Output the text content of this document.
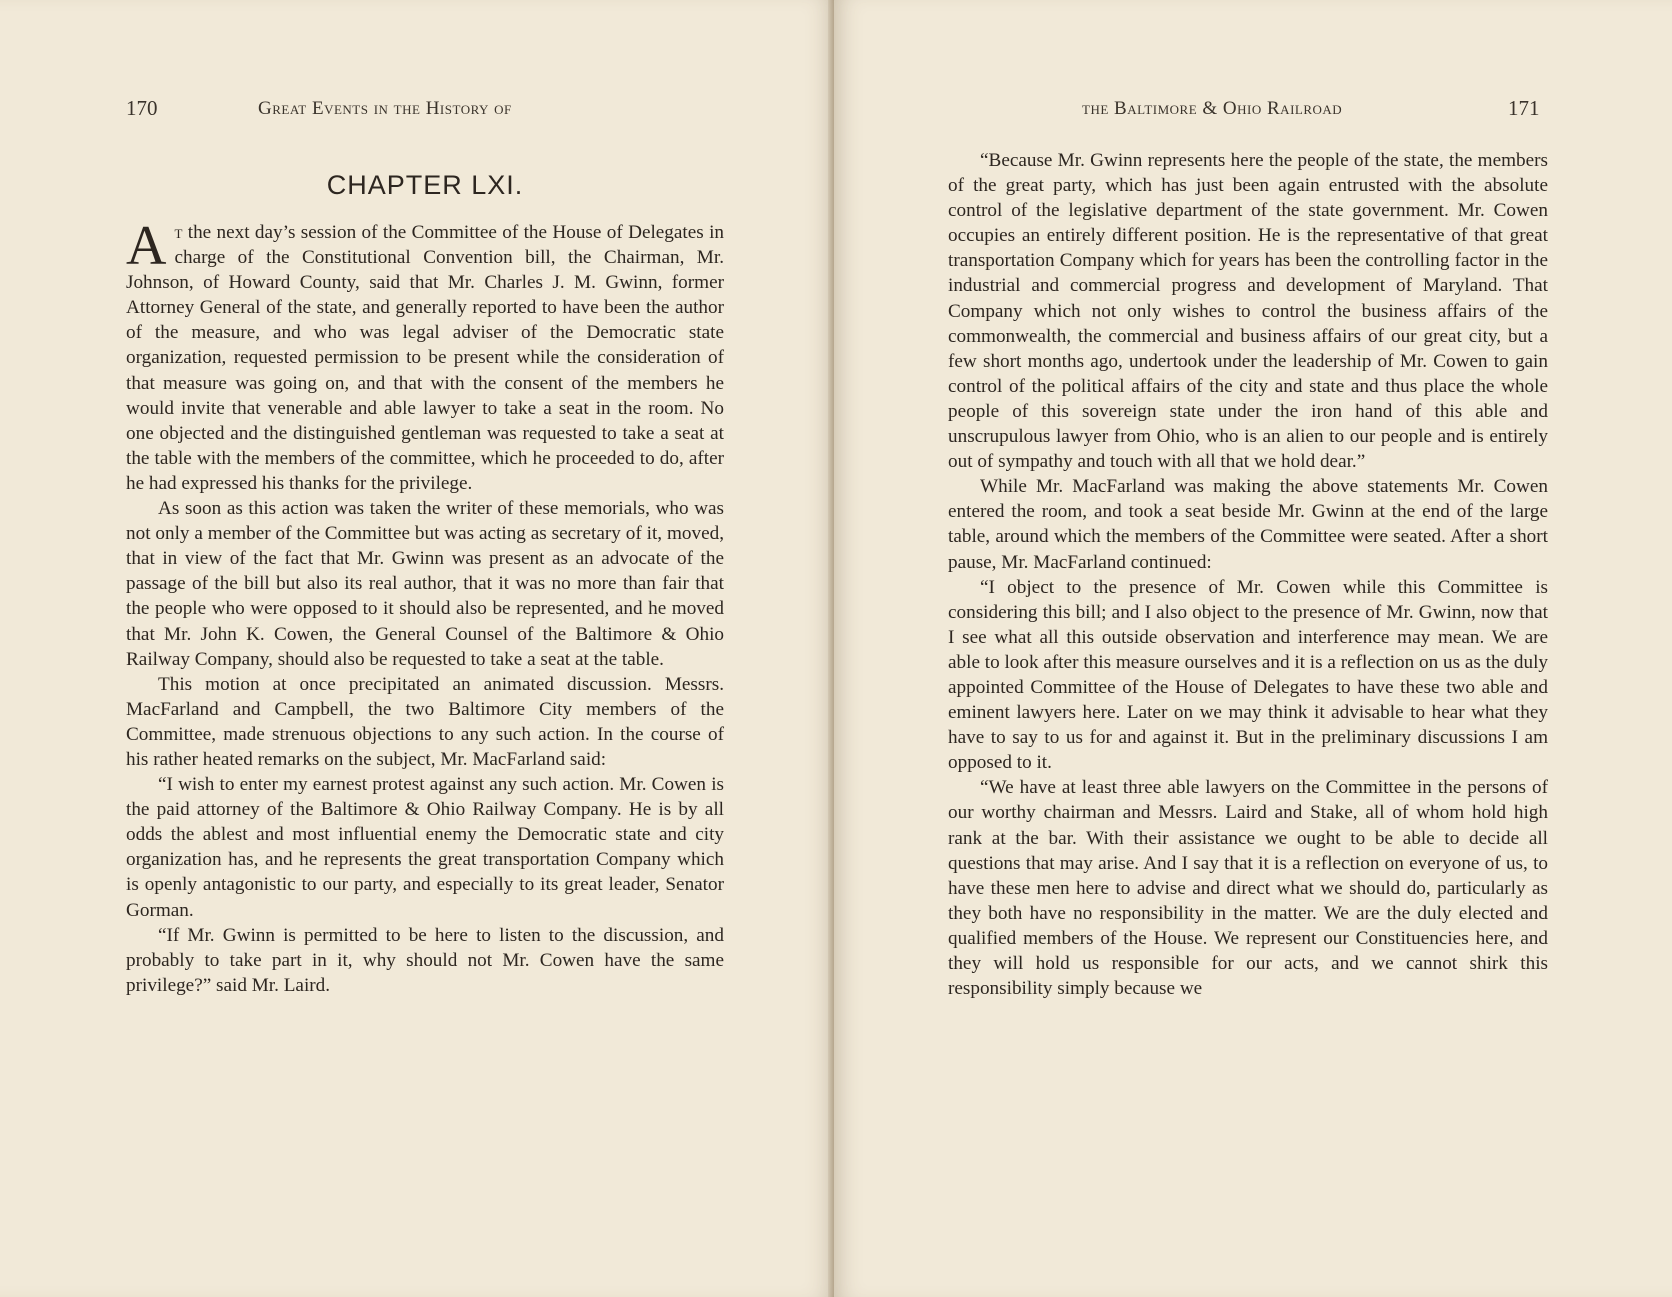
170	Great Events in the History of
CHAPTER LXI.

At the next day’s session of the Committee of the House of Delegates in charge of the Constitutional Convention bill, the Chairman, Mr. Johnson, of Howard County, said that Mr. Charles J. M. Gwinn, former Attorney General of the state, and generally reported to have been the author of the measure, and who was legal adviser of the Democratic state organization, requested permission to be present while the consideration of that measure was going on, and that with the consent of the members he would invite that venerable and able lawyer to take a seat in the room. No one objected and the distinguished gentleman was requested to take a seat at the table with the members of the committee, which he proceeded to do, after he had expressed his thanks for the privilege.

As soon as this action was taken the writer of these memorials, who was not only a member of the Committee but was acting as secretary of it, moved, that in view of the fact that Mr. Gwinn was present as an advocate of the passage of the bill but also its real author, that it was no more than fair that the people who were opposed to it should also be represented, and he moved that Mr. John K. Cowen, the General Counsel of the Baltimore & Ohio Railway Company, should also be requested to take a seat at the table.

This motion at once precipitated an animated discussion. Messrs. MacFarland and Campbell, the two Baltimore City members of the Committee, made strenuous objections to any such action. In the course of his rather heated remarks on the subject, Mr. MacFarland said:

“I wish to enter my earnest protest against any such action. Mr. Cowen is the paid attorney of the Baltimore & Ohio Railway Company. He is by all odds the ablest and most influential enemy the Democratic state and city organization has, and he represents the great transportation Company which is openly antagonistic to our party, and especially to its great leader, Senator Gorman.

“If Mr. Gwinn is permitted to be here to listen to the discussion, and probably to take part in it, why should not Mr. Cowen have the same privilege?” said Mr. Laird.

the Baltimore & Ohio Railroad	171

“Because Mr. Gwinn represents here the people of the state, the members of the great party, which has just been again entrusted with the absolute control of the legislative department of the state government. Mr. Cowen occupies an entirely different position. He is the representative of that great transportation Company which for years has been the controlling factor in the industrial and commercial progress and development of Maryland. That Company which not only wishes to control the business affairs of the commonwealth, the commercial and business affairs of our great city, but a few short months ago, undertook under the leadership of Mr. Cowen to gain control of the political affairs of the city and state and thus place the whole people of this sovereign state under the iron hand of this able and unscrupulous lawyer from Ohio, who is an alien to our people and is entirely out of sympathy and touch with all that we hold dear.”

While Mr. MacFarland was making the above statements Mr. Cowen entered the room, and took a seat beside Mr. Gwinn at the end of the large table, around which the members of the Committee were seated. After a short pause, Mr. MacFarland continued:

“I object to the presence of Mr. Cowen while this Committee is considering this bill; and I also object to the presence of Mr. Gwinn, now that I see what all this outside observation and interference may mean. We are able to look after this measure ourselves and it is a reflection on us as the duly appointed Committee of the House of Delegates to have these two able and eminent lawyers here. Later on we may think it advisable to hear what they have to say to us for and against it. But in the preliminary discussions I am opposed to it.

“We have at least three able lawyers on the Committee in the persons of our worthy chairman and Messrs. Laird and Stake, all of whom hold high rank at the bar. With their assistance we ought to be able to decide all questions that may arise. And I say that it is a reflection on everyone of us, to have these men here to advise and direct what we should do, particularly as they both have no responsibility in the matter. We are the duly elected and qualified members of the House. We represent our Constituencies here, and they will hold us responsible for our acts, and we cannot shirk this responsibility simply because we
